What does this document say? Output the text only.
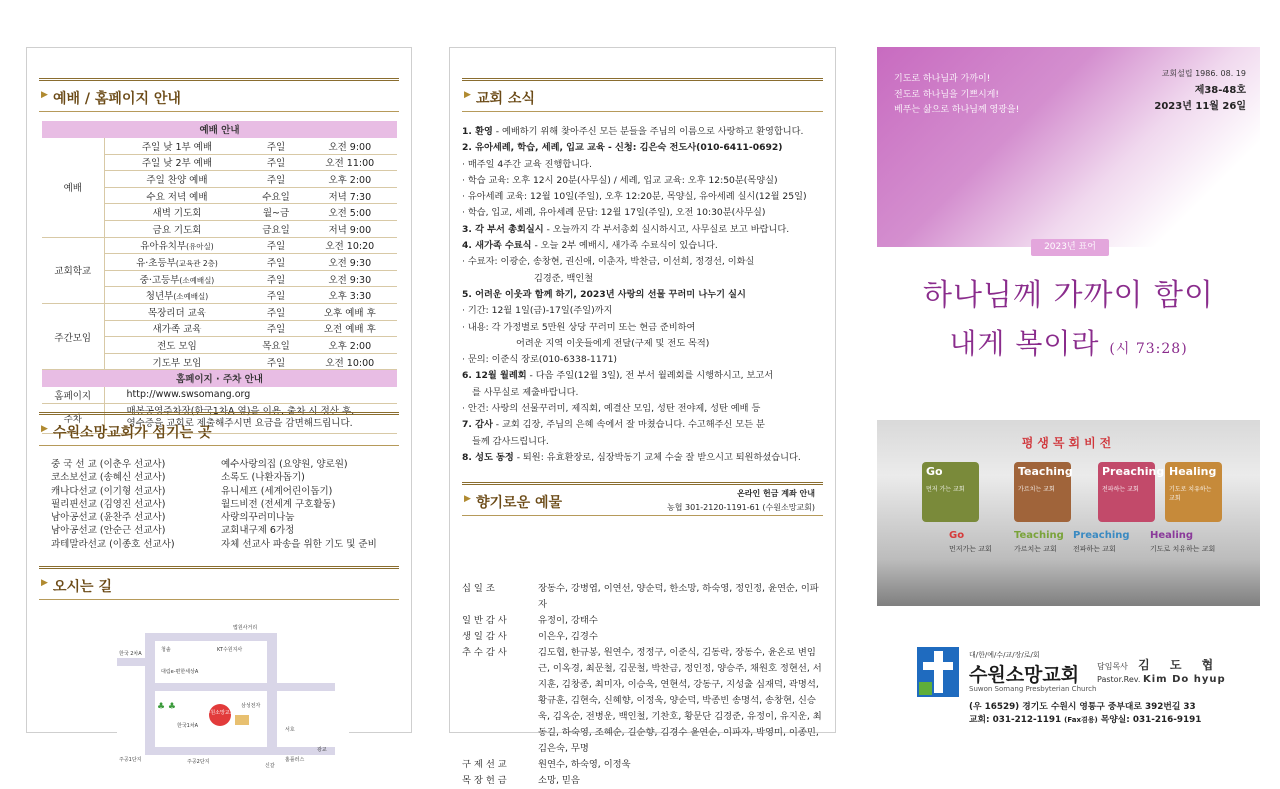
▶ 예배 / 홈페이지 안내
예배 안내			
예배	주일 낮 1부 예배	주일	오전 9:00
	주일 낮 2부 예배	주일	오전 11:00
	주일 찬양 예배	주일	오후 2:00
	수요 저녁 예배	수요일	저녁 7:30
	새벽 기도회	월~금	오전 5:00
	금요 기도회	금요일	저녁 9:00
교회학교	유아유치부(유아실)	주일	오전 10:20
	유·초등부(교육관 2층)	주일	오전 9:30
	중·고등부(소예배실)	주일	오전 9:30
	청년부(소예배실)	주일	오후 3:30
주간모임	목장리더 교육	주일	오후 예배 후
	새가족 교육	주일	오전 예배 후
	전도 모임	목요일	오후 2:00
	기도부 모임	주일	오전 10:00
홈페이지 · 주차 안내			
홈페이지	http://www.swsomang.org		
주차	매봉공영주차장(한국1차A 옆)을 이용, 출차 시 정산 후,
영수증을 교회로 제출해주시면 요금을 감면해드립니다.		
▶ 수원소망교회가 섬기는 곳
중 국 선 교 (이춘우 선교사)	예수사랑의집 (요양원, 양로원)
코소보선교 (송혜신 선교사)	소록도 (나환자돕기)
캐나다선교 (이기형 선교사)	유니세프 (세계어린이돕기)
필리핀선교 (김영진 선교사)	월드비전 (전세계 구호활동)
남아공선교 (윤찬주 선교사)	사랑의꾸러미나눔
남아공선교 (안순근 선교사)	교회내구제 6가정
과테말라선교 (이종호 선교사)	자체 선교사 파송을 위한 기도 및 준비
▶ 오시는 길
수원소망교회
법원사거리
KT수원지사
청솔
한국 2차A
대림e-편한세상A
한국1차A
♣ ♣	삼성전자
주공1단지	주공2단지	홈플러스
신갈
광교
서호
▶ 교회 소식
1. 환영 - 예배하기 위해 찾아주신 모든 분들을 주님의 이름으로 사랑하고 환영합니다.
2. 유아세례, 학습, 세례, 입교 교육 - 신청: 김은숙 전도사(010-6411-0692)
· 매주일 4주간 교육 진행합니다.
· 학습 교육: 오후 12시 20분(사무실) / 세례, 입교 교육: 오후 12:50분(목양실)
· 유아세례 교육: 12월 10일(주일), 오후 12:20분, 목양실, 유아세례 실시(12월 25일)
· 학습, 입교, 세례, 유아세례 문답: 12월 17일(주일), 오전 10:30분(사무실)
3. 각 부서 총회실시 - 오늘까지 각 부서총회 실시하시고, 사무실로 보고 바랍니다.
4. 새가족 수료식 - 오늘 2부 예배시, 새가족 수료식이 있습니다.
· 수료자: 이광순, 송창현, 권신애, 이춘자, 박찬금, 이선희, 정경선, 이화실
김경준, 백인철
5. 어려운 이웃과 함께 하기, 2023년 사랑의 선물 꾸러미 나누기 실시
· 기간: 12월 1일(금)-17일(주일)까지
· 내용: 각 가정별로 5만원 상당 꾸러미 또는 현금 준비하여
어려운 지역 이웃들에게 전달(구제 및 전도 목적)
· 문의: 이준식 장로(010-6338-1171)
6. 12월 월례회 - 다음 주일(12월 3일), 전 부서 월례회를 시행하시고, 보고서
를 사무실로 제출바랍니다.
· 안건: 사랑의 선물꾸러미, 제직회, 예결산 모임, 성탄 전야제, 성탄 예배 등
7. 감사 - 교회 김장, 주님의 은혜 속에서 잘 마쳤습니다. 수고해주신 모든 분
들께 감사드립니다.
8. 성도 동정 - 퇴원: 유효환장로, 심장박동기 교체 수술 잘 받으시고 퇴원하셨습니다.
▶ 향기로운 예물
온라인 헌금 계좌 안내
농협 301-2120-1191-61 (수원소망교회)
십 일 조	장동수, 강병엽, 이연선, 양순덕, 한소망, 하숙영, 정인정, 윤연순, 이파자
일 반 감 사	유정이, 강태수
생 일 감 사	이은우, 김경수
추 수 감 사	김도협, 한규봉, 원연수, 정정구, 이준식, 김동락, 장동수, 윤온로 변임근, 이옥경, 최문철, 김문철, 박찬금, 정인정, 양승주, 채원호 정현선, 서지훈, 김창종, 최미자, 이승욱, 연현석, 강동구, 지성출 심재덕, 곽명석, 황규훈, 김현숙, 신혜향, 이정욱, 양순덕, 박종빈 송명석, 송창현, 신승욱, 김옥순, 전병운, 백인철, 기찬호, 황문단 김경준, 유정이, 유지운, 최동길, 하숙영, 조혜순, 길순향, 김경수 윤연순, 이파자, 박영미, 이종민, 김은숙, 무명
구 제 선 교	원연수, 하숙영, 이정욱
목 장 헌 금	소망, 믿음
기도로 하나님과 가까이!
전도로 하나님을 기쁘시게!
베푸는 삶으로 하나님께 영광을!
교회설립 1986. 08. 19
제38-48호
2023년 11월 26일
2023년 표어
하나님께 가까이 함이
내게 복이라 (시 73:28)
평생목회비전
Go
먼저 가는 교회
Go
먼저가는 교회
Teaching
가르치는 교회
Teaching
가르치는 교회
Preaching
전파하는 교회
Preaching
전파하는 교회
Healing
기도로 치유하는 교회
Healing
기도로 치유하는 교회
대/한/예/수/교/장/로/회
수원소망교회
Suwon Somang Presbyterian Church
담임목사 김 도 협
Pastor.Rev. Kim Do hyup
(우 16529) 경기도 수원시 영통구 중부대로 392번길 33
교회: 031-212-1191 (Fax겸용) 목양실: 031-216-9191
